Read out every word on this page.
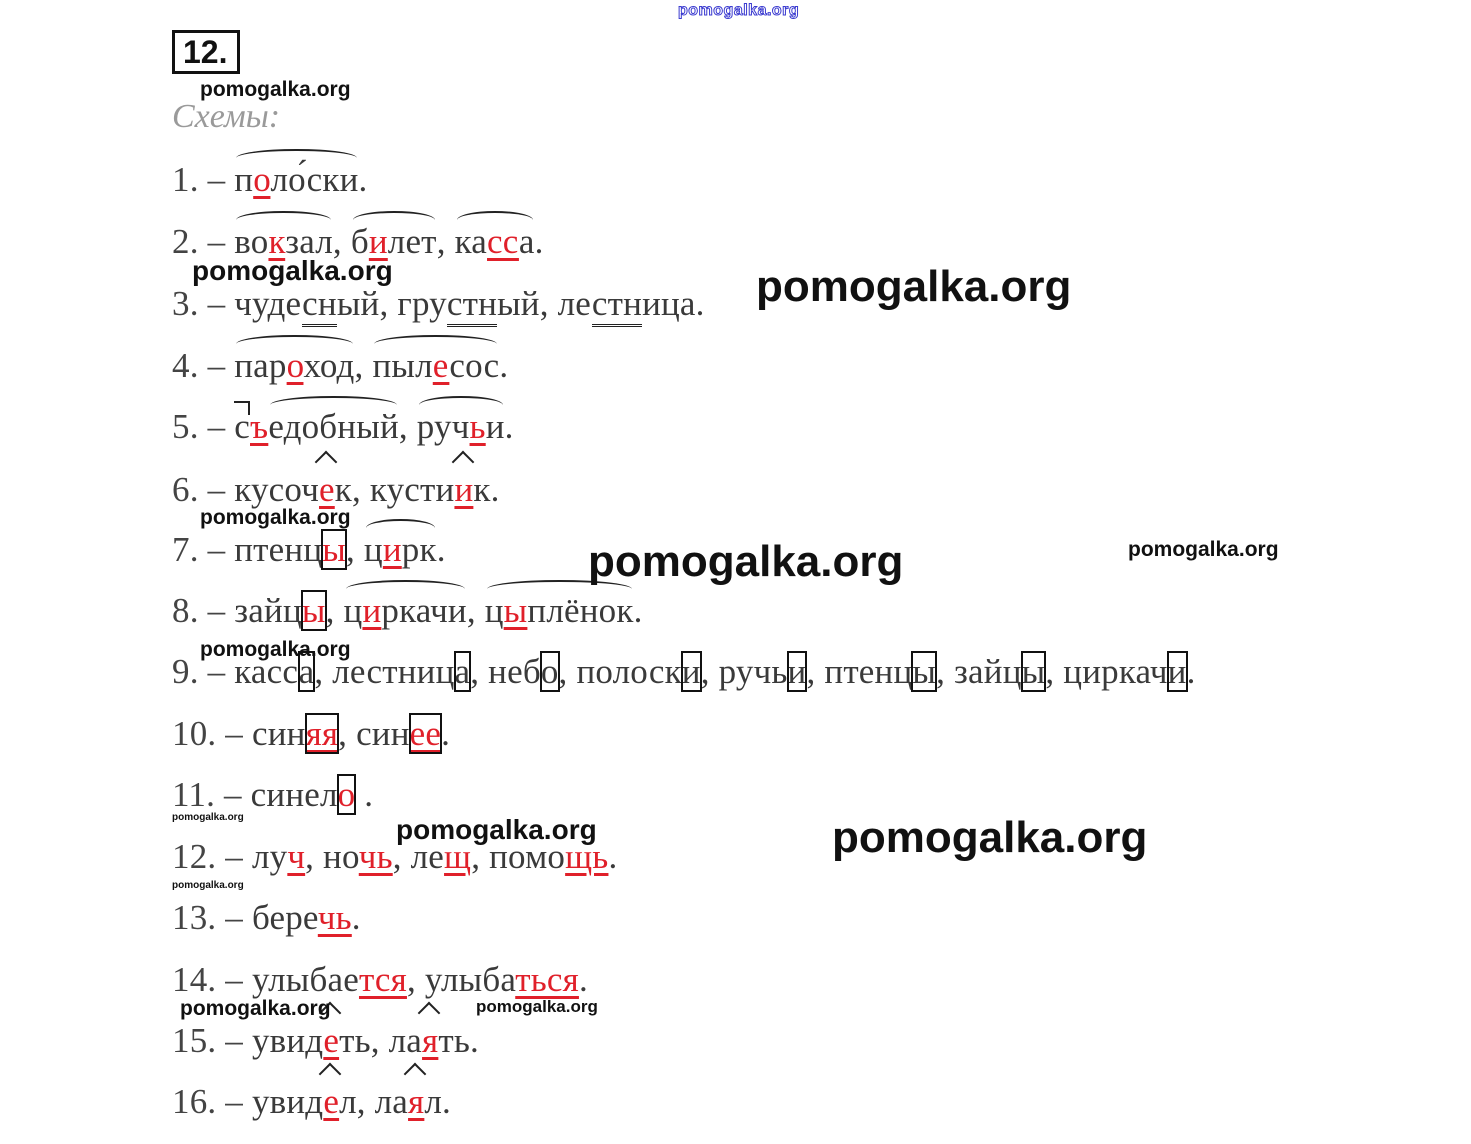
pomogalka.org
12.
Схемы:
1. – поло́ски.
2. – вокзал, билет, касса.
3. – чудесный, грустный, лестница.
4. – пароход, пылесос.
5. – съедобный, ручьи.
6. – кусочек, кустиик.
7. – птенцы, цирк.
8. – зайцы, циркачи, цыплёнок.
9. – касса, лестница, небо, полоски, ручьи, птенцы, зайцы, циркачи.
10. – синяя, синее.
11. – синело .
12. – луч, ночь, лещ, помощь.
13. – беречь.
14. – улыбается, улыбаться.
15. – увидеть, лаять.
16. – увидел, лаял.
pomogalka.org
pomogalka.org	pomogalka.org
pomogalka.org
pomogalka.org	pomogalka.org
pomogalka.org
pomogalka.org	pomogalka.org	pomogalka.org
pomogalka.org
pomogalka.org	pomogalka.org
